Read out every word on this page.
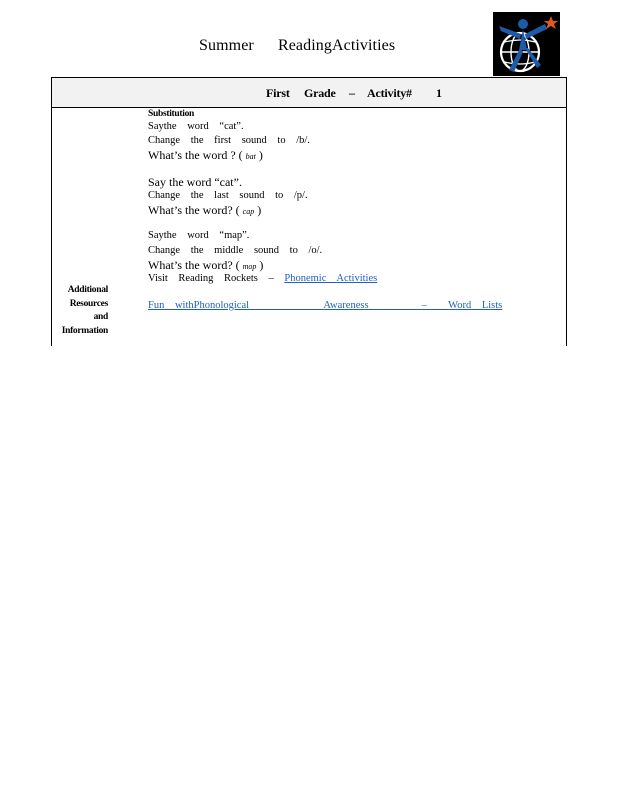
Summer ReadingActivities
First Grade – Activity# 1
Additional
Resources
and
Information
Substitution
Saythe word “cat”.
Change the first sound to /b/.
What’s the word ? ( bat )
Say the word “cat”.
Change the last sound to /p/.
What’s the word? ( cap )
Saythe word “map”.
Change the middle sound to /o/.
What’s the word? ( mop )
Visit Reading Rockets – Phonemic Activities
Fun withPhonological	Awareness	– Word Lists
